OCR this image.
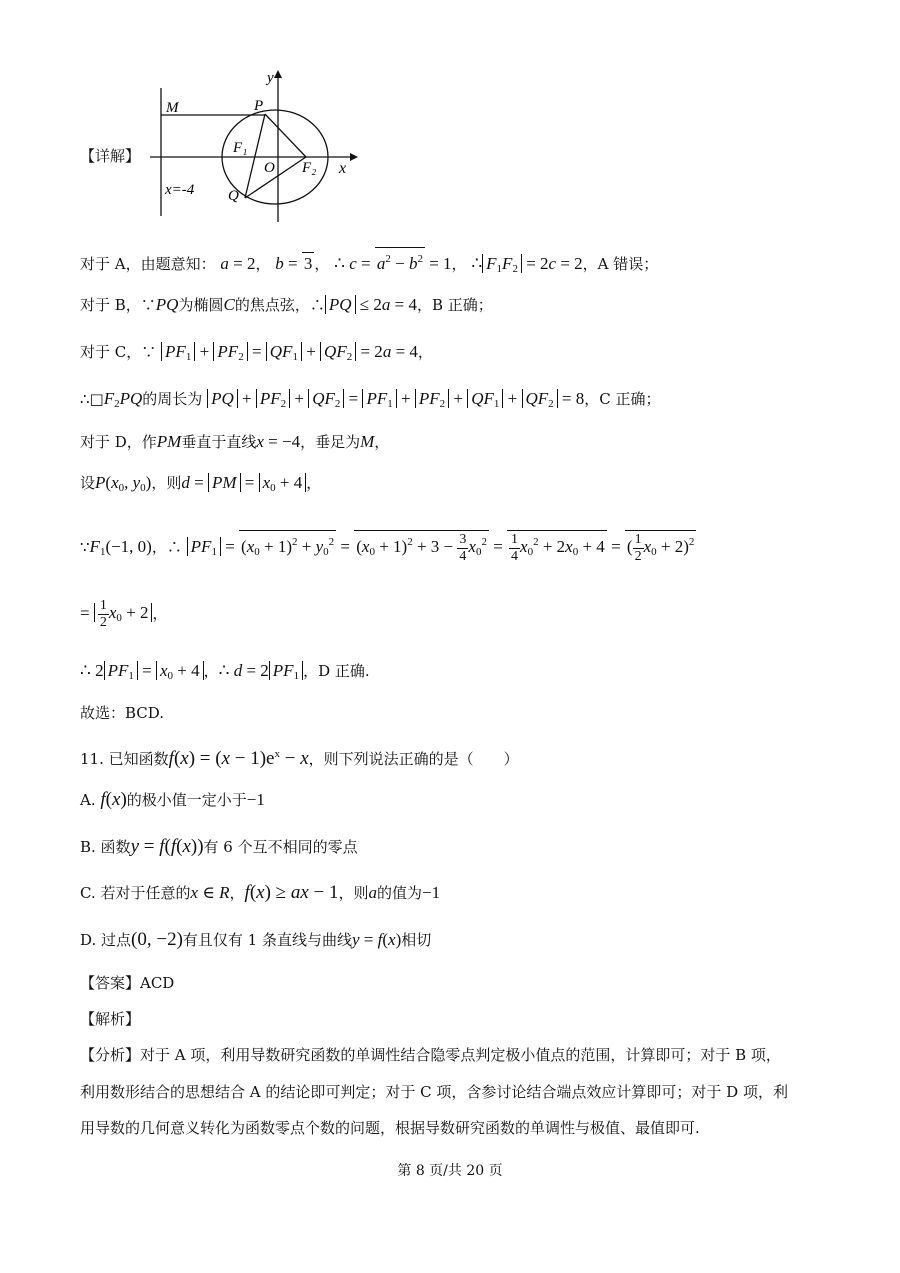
【详解】
y
x
M	P
F₁
O F₂
Q
x=-4
对于 A，由题意知： a = 2， b = 3 ， ∴ $c = a^2 - b^2 = 1$， ∴ $F_1F_2 = 2c = 2$，A 错误；
对于 B，∵PQ为椭圆C的焦点弦，∴ PQ ≤ 2a = 4，B 正确；
对于 C，∵ $PF_1 + PF_2 = QF_1 + QF_2 = 2a = 4$，
$\therefore□F_2PQ$的周长为 PQ + $PF_2 + QF_2 = PF_1 + PF_2 + QF_1 + QF_2 = 8$，C 正确；
对于 D，作PM垂直于直线x = −4，垂足为M，
设$P(x_0$, $y_0$)，则d = PM = $x_0 + 4$ ，
$\because F_1(-1$, 0)，∴ $PF_1 = (x_0 + 1)^2 + y_0^2 = (x_0 + 1)^2 + 3 - \frac{3}{4} x_0^2 = \frac{1}{4} x_0^2 + 2x_0 + 4$ = ( $\frac{1}{2} x_0 + 2)^2$
= $\frac{1}{2} x_0 + 2$ ，
∴ 2 $PF_1 = x_0 + 4$ ，∴ d = 2 $PF_1$ ，D 正确.
故选：BCD.
11. 已知函数$f(x) = (x - 1)e^x - x$，则下列说法正确的是（　　）
A. f(x)的极小值一定小于−1
B. 函数y = f(f(x))有 6 个互不相同的零点
C. 若对于任意的x ∈ R，f(x) ≥ ax − 1，则a的值为−1
D. 过点(0, −2)有且仅有 1 条直线与曲线y = f(x)相切
【答案】ACD
【解析】
【分析】对于 A 项，利用导数研究函数的单调性结合隐零点判定极小值点的范围，计算即可；对于 B 项，
利用数形结合的思想结合 A 的结论即可判定；对于 C 项，含参讨论结合端点效应计算即可；对于 D 项，利
用导数的几何意义转化为函数零点个数的问题，根据导数研究函数的单调性与极值、最值即可.
第 8 页/共 20 页
